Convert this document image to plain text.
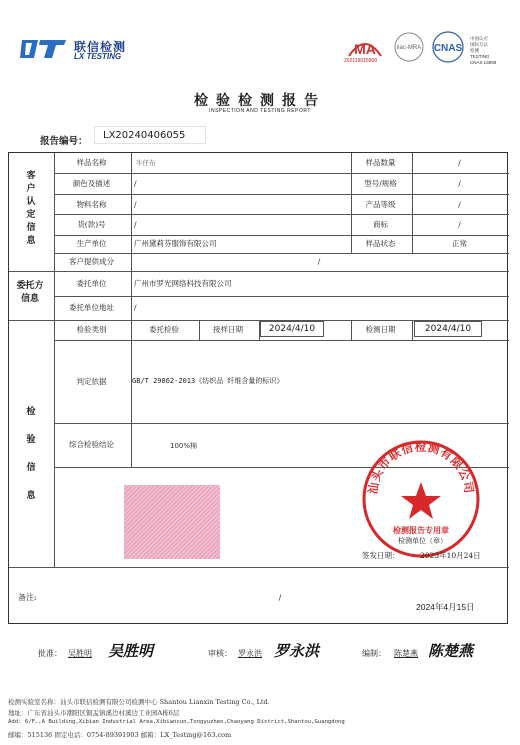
联信检测
LX TESTING	MA
202119015968
ilac-MRA CNAS
中国认可
国际互认
检测
TESTING
CNAS L5958
检验检测报告
INSPECTION AND TESTING REPORT
报告编号：
LX20240406055
客户认定信息
委托方信息
检验信息
样品名称	牛仔布	样品数量	/
颜色及描述	/	型号/规格	/
物料名称	/	产品等级	/
货(款)号	/	商标	/
生产单位	广州黛莉芬服饰有限公司	样品状态	正常
客户提供成分	/
委托单位	广州市罗光网络科技有限公司
委托单位地址	/
检验类别	委托检验	接样日期	2024/4/10	检测日期	2024/4/10
判定依据	GB/T 29862-2013《纺织品 纤维含量的标识》
综合检验结论	100%棉
汕头市联信检测有限公司
检测报告专用章
检测单位（章）
签发日期：	2023年10月24日
备注:	/
2024年4月15日
批准： 吴胜明 吴胜明	审核： 罗永洪 罗永洪	编制： 陈楚燕 陈楚燕
检测实验室名称：汕头市联信检测有限公司检测中心 Shantou Lianxin Testing Co., Ltd.
地址：广东省汕头市潮阳区铜盂镇溪边村溪边工业园A栋6层
Add: 6/F.,A Building,Xibian Industrial Area,Xibiancun,Tongyuzhen,Chaoyang District,Shantou,Guangdong
邮编：515136 固定电话：0754-89391903 邮箱：LX_Testing@163.com
